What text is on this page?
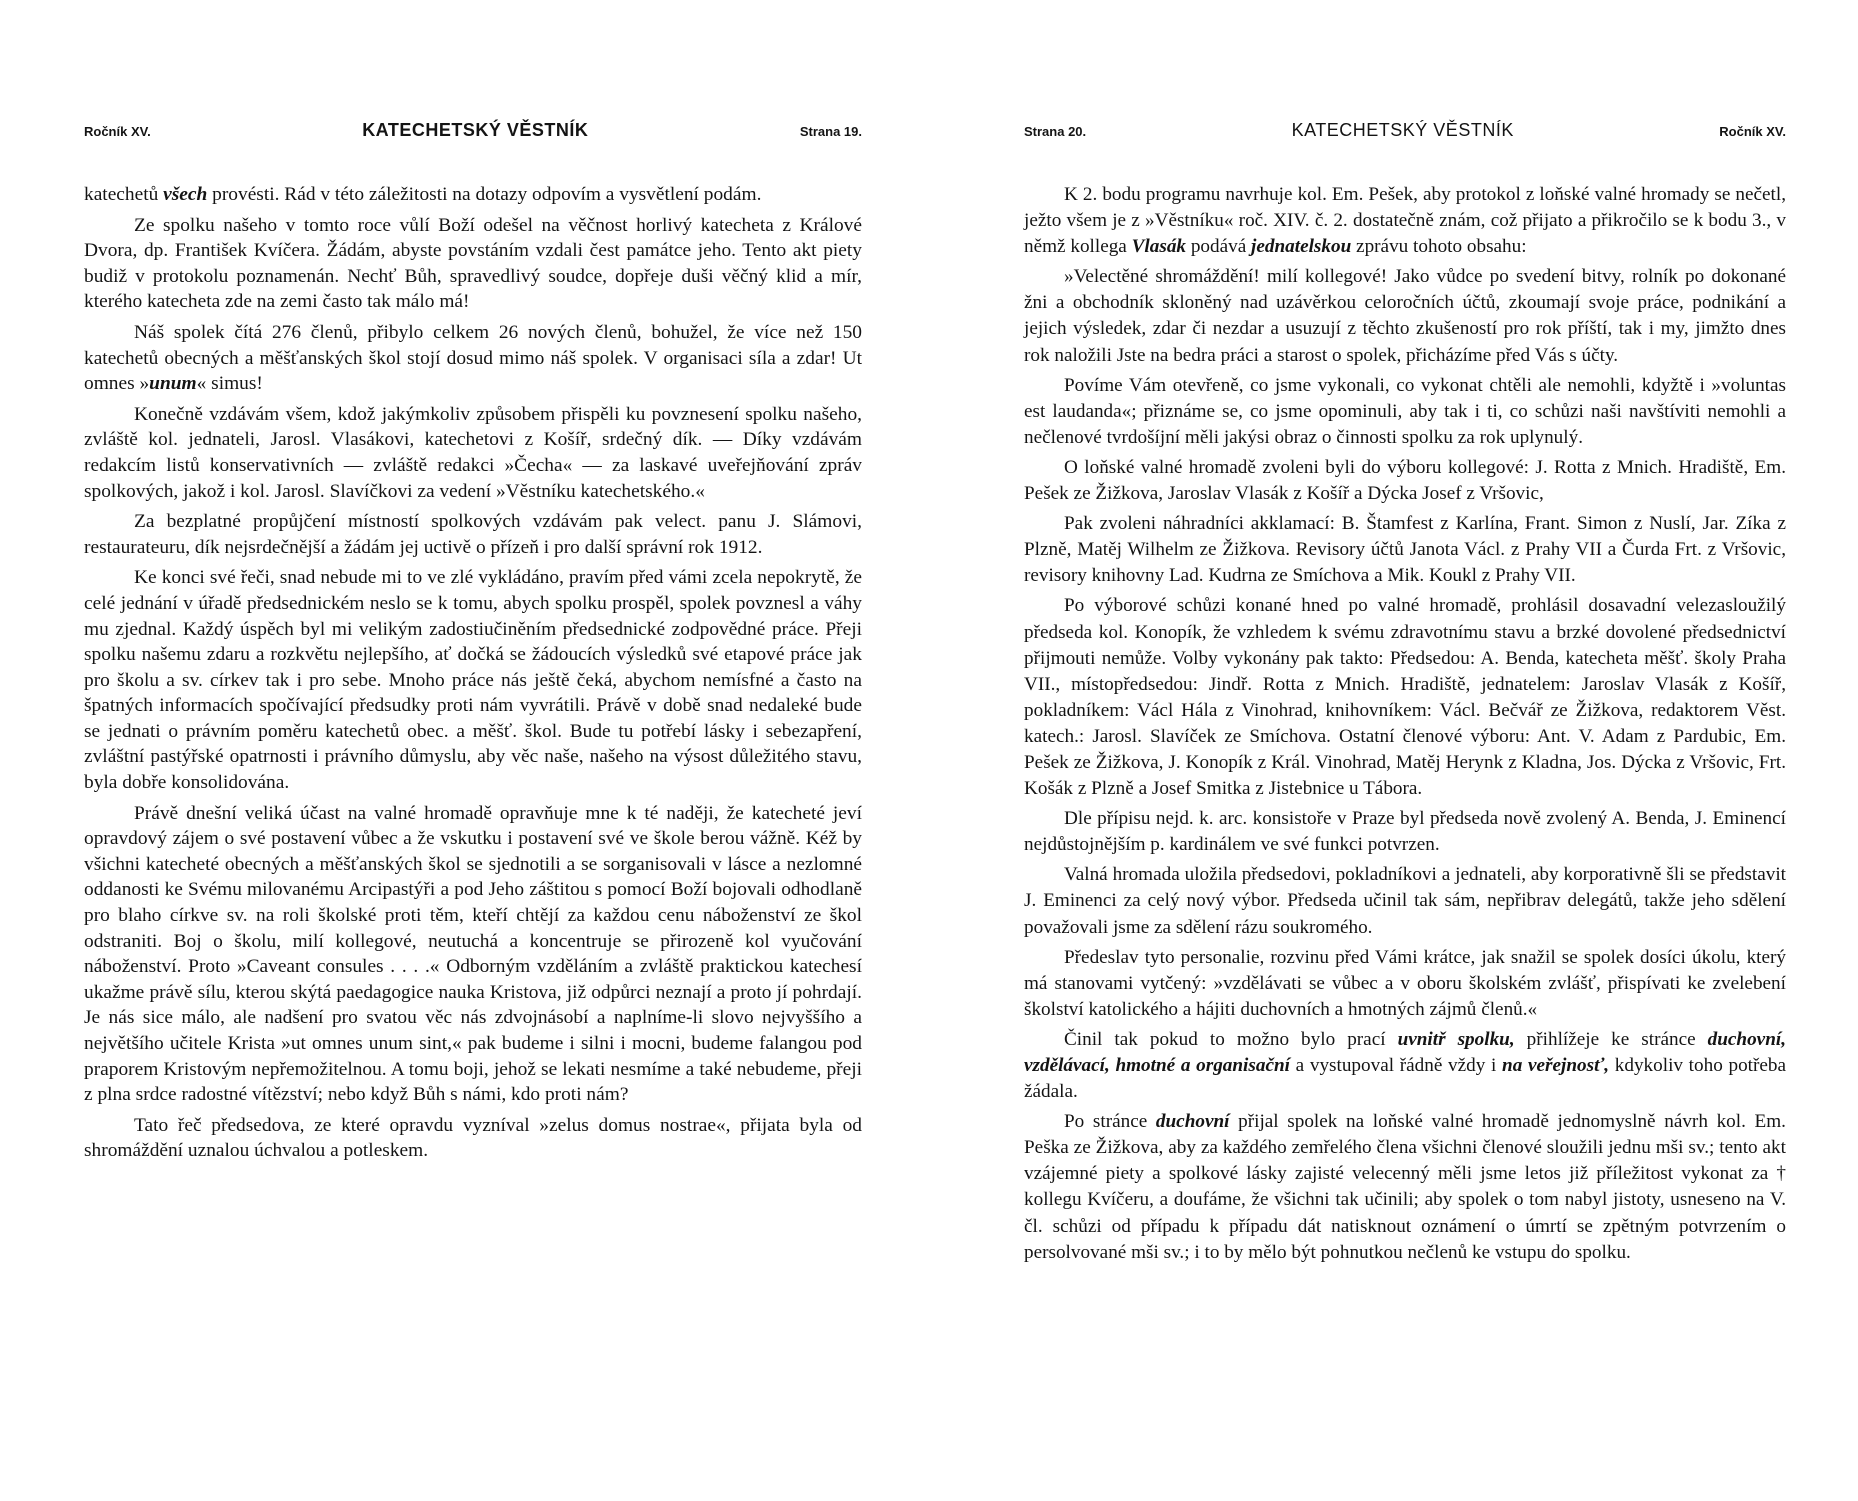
Ročník XV.	KATECHETSKÝ VĚSTNÍK	Strana 19.

katechetů všech provésti. Rád v této záležitosti na dotazy odpovím a vysvětlení podám.

Ze spolku našeho v tomto roce vůlí Boží odešel na věčnost horlivý katecheta z Králové Dvora, dp. František Kvíčera. Žádám, abyste povstáním vzdali čest památce jeho. Tento akt piety budiž v protokolu poznamenán. Nechť Bůh, spravedlivý soudce, dopřeje duši věčný klid a mír, kterého katecheta zde na zemi často tak málo má!

Náš spolek čítá 276 členů, přibylo celkem 26 nových členů, bohužel, že více než 150 katechetů obecných a měšťanských škol stojí dosud mimo náš spolek. V organisaci síla a zdar! Ut omnes »unum« simus!

Konečně vzdávám všem, kdož jakýmkoliv způsobem přispěli ku povznesení spolku našeho, zvláště kol. jednateli, Jarosl. Vlasákovi, katechetovi z Košíř, srdečný dík. — Díky vzdávám redakcím listů konservativních — zvláště redakci »Čecha« — za laskavé uveřejňování zpráv spolkových, jakož i kol. Jarosl. Slavíčkovi za vedení »Věstníku katechetského.«

Za bezplatné propůjčení místností spolkových vzdávám pak velect. panu J. Slámovi, restaurateuru, dík nejsrdečnější a žádám jej uctivě o přízeň i pro další správní rok 1912.

Ke konci své řeči, snad nebude mi to ve zlé vykládáno, pravím před vámi zcela nepokrytě, že celé jednání v úřadě předsednickém neslo se k tomu, abych spolku prospěl, spolek povznesl a váhy mu zjednal. Každý úspěch byl mi velikým zadostiučiněním předsednické zodpovědné práce. Přeji spolku našemu zdaru a rozkvětu nejlepšího, ať dočká se žádoucích výsledků své etapové práce jak pro školu a sv. církev tak i pro sebe. Mnoho práce nás ještě čeká, abychom nemísfné a často na špatných informacích spočívající předsudky proti nám vyvrátili. Právě v době snad nedaleké bude se jednati o právním poměru katechetů obec. a měšť. škol. Bude tu potřebí lásky i sebezapření, zvláštní pastýřské opatrnosti i právního důmyslu, aby věc naše, našeho na výsost důležitého stavu, byla dobře konsolidována.

Právě dnešní veliká účast na valné hromadě opravňuje mne k té naději, že katecheté jeví opravdový zájem o své postavení vůbec a že vskutku i postavení své ve škole berou vážně. Kéž by všichni katecheté obecných a měšťanských škol se sjednotili a se sorganisovali v lásce a nezlomné oddanosti ke Svému milovanému Arcipastýři a pod Jeho záštitou s pomocí Boží bojovali odhodlaně pro blaho církve sv. na roli školské proti těm, kteří chtějí za každou cenu náboženství ze škol odstraniti. Boj o školu, milí kollegové, neutuchá a koncentruje se přirozeně kol vyučování náboženství. Proto »Caveant consules . . . .« Odborným vzděláním a zvláště praktickou katechesí ukažme právě sílu, kterou skýtá paedagogice nauka Kristova, již odpůrci neznají a proto jí pohrdají. Je nás sice málo, ale nadšení pro svatou věc nás zdvojnásobí a naplníme-li slovo nejvyššího a největšího učitele Krista »ut omnes unum sint,« pak budeme i silni i mocni, budeme falangou pod praporem Kristovým nepřemožitelnou. A tomu boji, jehož se lekati nesmíme a také nebudeme, přeji z plna srdce radostné vítězství; nebo když Bůh s námi, kdo proti nám?

Tato řeč předsedova, ze které opravdu vyzníval »zelus domus nostrae«, přijata byla od shromáždění uznalou úchvalou a potleskem.

Strana 20.	KATECHETSKÝ VĚSTNÍK	Ročník XV.

K 2. bodu programu navrhuje kol. Em. Pešek, aby protokol z loňské valné hromady se nečetl, ježto všem je z »Věstníku« roč. XIV. č. 2. dostatečně znám, což přijato a přikročilo se k bodu 3., v němž kollega Vlasák podává jednatelskou zprávu tohoto obsahu:

»Velectěné shromáždění! milí kollegové! Jako vůdce po svedení bitvy, rolník po dokonané žni a obchodník skloněný nad uzávěrkou celoročních účtů, zkoumají svoje práce, podnikání a jejich výsledek, zdar či nezdar a usuzují z těchto zkušeností pro rok příští, tak i my, jimžto dnes rok naložili Jste na bedra práci a starost o spolek, přicházíme před Vás s účty.

Povíme Vám otevřeně, co jsme vykonali, co vykonat chtěli ale nemohli, kdyžtě i »voluntas est laudanda«; přiznáme se, co jsme opominuli, aby tak i ti, co schůzi naši navštíviti nemohli a nečlenové tvrdošíjní měli jakýsi obraz o činnosti spolku za rok uplynulý.

O loňské valné hromadě zvoleni byli do výboru kollegové: J. Rotta z Mnich. Hradiště, Em. Pešek ze Žižkova, Jaroslav Vlasák z Košíř a Dýcka Josef z Vršovic,

Pak zvoleni náhradníci akklamací: B. Štamfest z Karlína, Frant. Simon z Nuslí, Jar. Zíka z Plzně, Matěj Wilhelm ze Žižkova. Revisory účtů Janota Václ. z Prahy VII a Čurda Frt. z Vršovic, revisory knihovny Lad. Kudrna ze Smíchova a Mik. Koukl z Prahy VII.

Po výborové schůzi konané hned po valné hromadě, prohlásil dosavadní velezasloužilý předseda kol. Konopík, že vzhledem k svému zdravotnímu stavu a brzké dovolené předsednictví přijmouti nemůže. Volby vykonány pak takto: Předsedou: A. Benda, katecheta měšť. školy Praha VII., místopředsedou: Jindř. Rotta z Mnich. Hradiště, jednatelem: Jaroslav Vlasák z Košíř, pokladníkem: Václ Hála z Vinohrad, knihovníkem: Václ. Bečvář ze Žižkova, redaktorem Věst. katech.: Jarosl. Slavíček ze Smíchova. Ostatní členové výboru: Ant. V. Adam z Pardubic, Em. Pešek ze Žižkova, J. Konopík z Král. Vinohrad, Matěj Herynk z Kladna, Jos. Dýcka z Vršovic, Frt. Košák z Plzně a Josef Smitka z Jistebnice u Tábora.

Dle přípisu nejd. k. arc. konsistoře v Praze byl předseda nově zvolený A. Benda, J. Eminencí nejdůstojnějším p. kardinálem ve své funkci potvrzen.

Valná hromada uložila předsedovi, pokladníkovi a jednateli, aby korporativně šli se představit J. Eminenci za celý nový výbor. Předseda učinil tak sám, nepřibrav delegátů, takže jeho sdělení považovali jsme za sdělení rázu soukromého.

Předeslav tyto personalie, rozvinu před Vámi krátce, jak snažil se spolek dosíci úkolu, který má stanovami vytčený: »vzdělávati se vůbec a v oboru školském zvlášť, přispívati ke zvelebení školství katolického a hájiti duchovních a hmotných zájmů členů.«

Činil tak pokud to možno bylo prací uvnitř spolku, přihlížeje ke stránce duchovní, vzdělávací, hmotné a organisační a vystupoval řádně vždy i na veřejnosť, kdykoliv toho potřeba žádala.

Po stránce duchovní přijal spolek na loňské valné hromadě jednomyslně návrh kol. Em. Peška ze Žižkova, aby za každého zemřelého člena všichni členové sloužili jednu mši sv.; tento akt vzájemné piety a spolkové lásky zajisté velecenný měli jsme letos již příležitost vykonat za † kollegu Kvíčeru, a doufáme, že všichni tak učinili; aby spolek o tom nabyl jistoty, usneseno na V. čl. schůzi od případu k případu dát natisknout oznámení o úmrtí se zpětným potvrzením o persolvované mši sv.; i to by mělo být pohnutkou nečlenů ke vstupu do spolku.
